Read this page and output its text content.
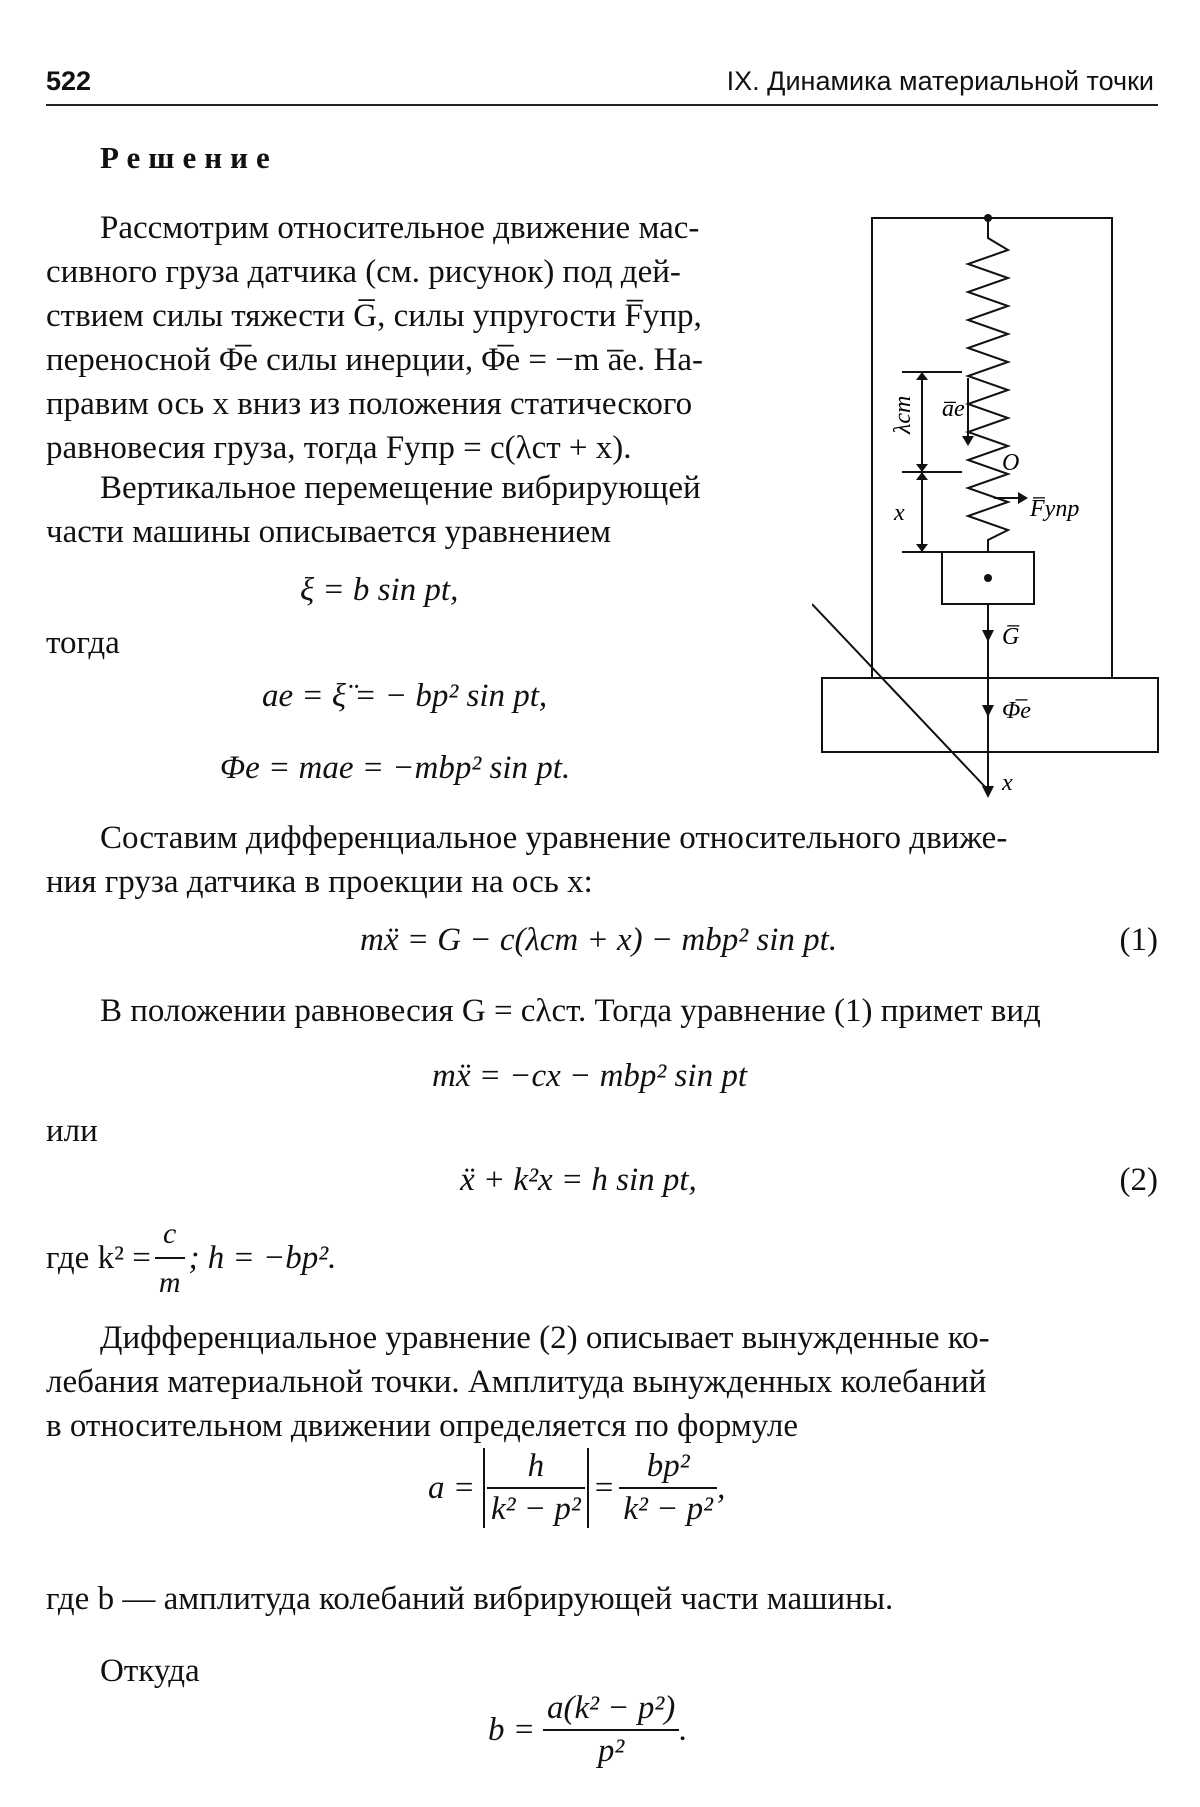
522	IX. Динамика материальной точки
Решение
Рассмотрим относительное движение мас-
сивного груза датчика (см. рисунок) под дей-
ствием силы тяжести G̅, силы упругости F̅упр,
переносной Φ̅e силы инерции, Φ̅e = −m a̅e. На-
правим ось x вниз из положения статического
равновесия груза, тогда Fупр = c(λст + x).
Вертикальное перемещение вибрирующей
части машины описывается уравнением
ξ = b sin pt,
тогда
ae = ξ̈ = − bp² sin pt,
Φe = mae = −mbp² sin pt.
λст a̅e
O
x	F̅упр
G̅
Φ̅e
x
Составим дифференциальное уравнение относительного движе-
ния груза датчика в проекции на ось x:
mẍ = G − c(λст + x) − mbp² sin pt.	(1)
В положении равновесия G = cλст. Тогда уравнение (1) примет вид
mẍ = −cx − mbp² sin pt
или
ẍ + k²x = h sin pt,	(2)
где $k^2 = \frac{c}{m}$ ; h = −bp².
Дифференциальное уравнение (2) описывает вынужденные ко-
лебания материальной точки. Амплитуда вынужденных колебаний
в относительном движении определяется по формуле
$a = \frac{h}{\text{k² − p²}} = \frac{\text{bp²}}{\text{k² − p²}}$ ,
где b — амплитуда колебаний вибрирующей части машины.
Откуда
$b = \frac{\text{a(k² − p²)}}{\text{p²}}$ .
